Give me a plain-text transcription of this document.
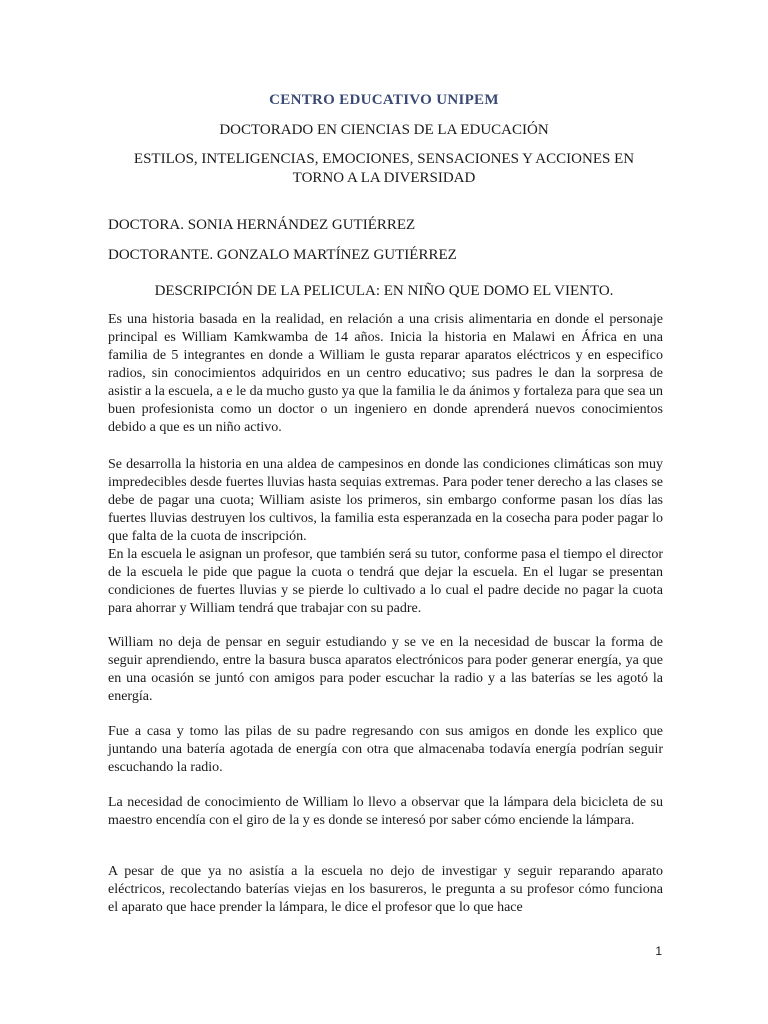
CENTRO EDUCATIVO UNIPEM
DOCTORADO EN CIENCIAS DE LA EDUCACIÓN
ESTILOS, INTELIGENCIAS, EMOCIONES, SENSACIONES Y ACCIONES EN TORNO A LA DIVERSIDAD
DOCTORA. SONIA HERNÁNDEZ GUTIÉRREZ
DOCTORANTE. GONZALO MARTÍNEZ GUTIÉRREZ
DESCRIPCIÓN DE LA PELICULA: EN NIÑO QUE DOMO EL VIENTO.
Es una historia basada en la realidad, en relación a una crisis alimentaria en donde el personaje principal es William Kamkwamba de 14 años. Inicia la historia en Malawi en África en una familia de 5 integrantes en donde a William le gusta reparar aparatos eléctricos y en especifico radios, sin conocimientos adquiridos en un centro educativo; sus padres le dan la sorpresa de asistir a la escuela, a e le da mucho gusto ya que la familia le da ánimos y fortaleza para que sea un buen profesionista como un doctor o un ingeniero en donde aprenderá nuevos conocimientos debido a que es un niño activo.
Se desarrolla la historia en una aldea de campesinos en donde las condiciones climáticas son muy impredecibles desde fuertes lluvias hasta sequias extremas. Para poder tener derecho a las clases se debe de pagar una cuota; William asiste los primeros, sin embargo conforme pasan los días las fuertes lluvias destruyen los cultivos, la familia esta esperanzada en la cosecha para poder pagar lo que falta de la cuota de inscripción.
En la escuela le asignan un profesor, que también será su tutor, conforme pasa el tiempo el director de la escuela le pide que pague la cuota o tendrá que dejar la escuela. En el lugar se presentan condiciones de fuertes lluvias y se pierde lo cultivado a lo cual el padre decide no pagar la cuota para ahorrar y William tendrá que trabajar con su padre.
William no deja de pensar en seguir estudiando y se ve en la necesidad de buscar la forma de seguir aprendiendo, entre la basura busca aparatos electrónicos para poder generar energía, ya que en una ocasión se juntó con amigos para poder escuchar la radio y a las baterías se les agotó la energía.
Fue a casa y tomo las pilas de su padre regresando con sus amigos en donde les explico que juntando una batería agotada de energía con otra que almacenaba todavía energía podrían seguir escuchando la radio.
La necesidad de conocimiento de William lo llevo a observar que la lámpara dela bicicleta de su maestro encendía con el giro de la y es donde se interesó por saber cómo enciende la lámpara.
A pesar de que ya no asistía a la escuela no dejo de investigar y seguir reparando aparato eléctricos, recolectando baterías viejas en los basureros, le pregunta a su profesor cómo funciona el aparato que hace prender la lámpara, le dice el profesor que lo que hace
1
